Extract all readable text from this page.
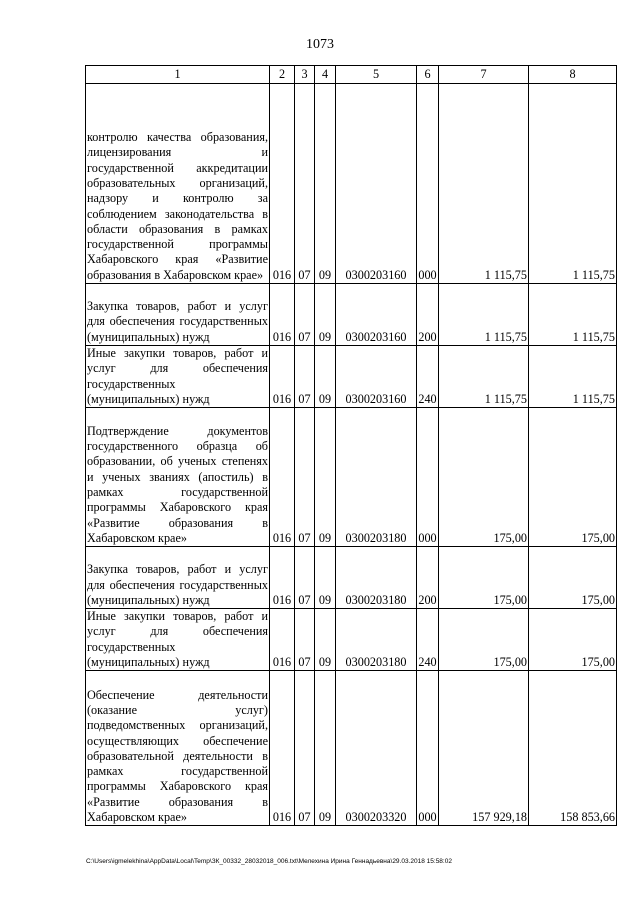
1073
1	2	3	4	5	6	7	8
контролю качества образования, лицензирования и государственной аккредитации образовательных организаций, надзору и контролю за соблюдением законодательства в области образования в рамках государственной программы Хабаровского края «Развитие образования в Хабаровском крае»	016	07	09	0300203160	000	1 115,75	1 115,75
Закупка товаров, работ и услуг для обеспечения государственных (муниципальных) нужд	016	07	09	0300203160	200	1 115,75	1 115,75
Иные закупки товаров, работ и услуг для обеспечения государственных (муниципальных) нужд	016	07	09	0300203160	240	1 115,75	1 115,75
Подтверждение документов государственного образца об образовании, об ученых степенях и ученых званиях (апостиль) в рамках государственной программы Хабаровского края «Развитие образования в Хабаровском крае»	016	07	09	0300203180	000	175,00	175,00
Закупка товаров, работ и услуг для обеспечения государственных (муниципальных) нужд	016	07	09	0300203180	200	175,00	175,00
Иные закупки товаров, работ и услуг для обеспечения государственных (муниципальных) нужд	016	07	09	0300203180	240	175,00	175,00
Обеспечение деятельности (оказание услуг) подведомственных организаций, осуществляющих обеспечение образовательной деятельности в рамках государственной программы Хабаровского края «Развитие образования в Хабаровском крае»	016	07	09	0300203320	000	157 929,18	158 853,66
C:\Users\igmelekhina\AppData\Local\Temp\ЗК_00332_28032018_006.txt\Мелехина Ирина Геннадьевна\29.03.2018 15:58:02
